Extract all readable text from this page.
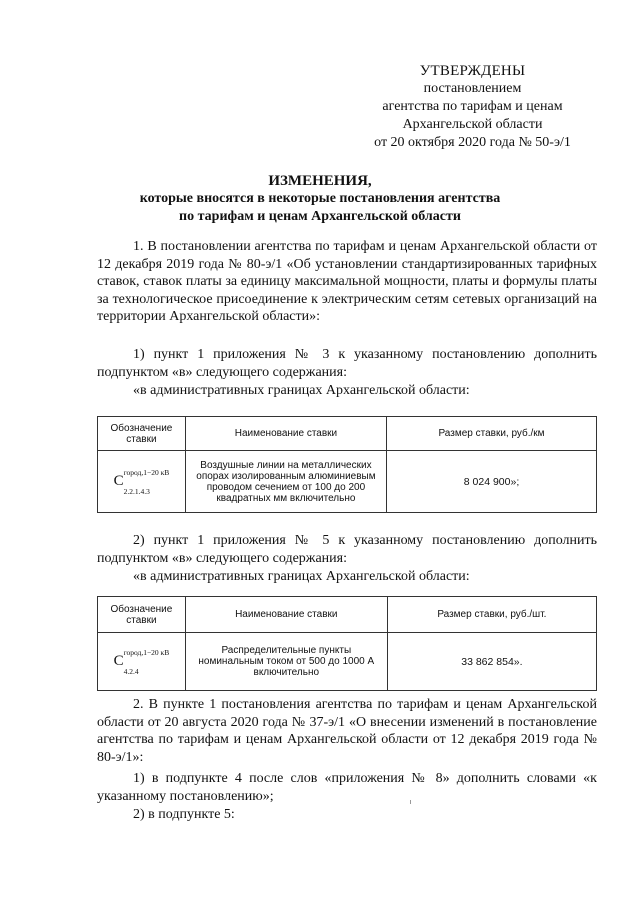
УТВЕРЖДЕНЫ
постановлением
агентства по тарифам и ценам
Архангельской области
от 20 октября 2020 года № 50-э/1
ИЗМЕНЕНИЯ,
которые вносятся в некоторые постановления агентства
по тарифам и ценам Архангельской области
1. В постановлении агентства по тарифам и ценам Архангельской области от 12 декабря 2019 года № 80-э/1 «Об установлении стандартизированных тарифных ставок, ставок платы за единицу максимальной мощности, платы и формулы платы за технологическое присоединение к электрическим сетям сетевых организаций на территории Архангельской области»:
1) пункт 1 приложения № 3 к указанному постановлению дополнить подпунктом «в» следующего содержания:
«в административных границах Архангельской области:
Обозначение ставки	Наименование ставки	Размер ставки, руб./км
$C^{город,1-20 кВ}$
$_{2.2.1.4.3}$	Воздушные линии на металлических опорах изолированным алюминиевым проводом сечением от 100 до 200 квадратных мм включительно	8 024 900»;
2) пункт 1 приложения № 5 к указанному постановлению дополнить подпунктом «в» следующего содержания:
«в административных границах Архангельской области:
Обозначение ставки	Наименование ставки	Размер ставки, руб./шт.
$C^{город,1-20 кВ}$
$_{4.2.4}$	Распределительные пункты номинальным током от 500 до 1000 А включительно	33 862 854».
2. В пункте 1 постановления агентства по тарифам и ценам Архангельской области от 20 августа 2020 года № 37-э/1 «О внесении изменений в постановление агентства по тарифам и ценам Архангельской области от 12 декабря 2019 года № 80-э/1»:
1) в подпункте 4 после слов «приложения № 8» дополнить словами «к указанному постановлению»;
2) в подпункте 5:
